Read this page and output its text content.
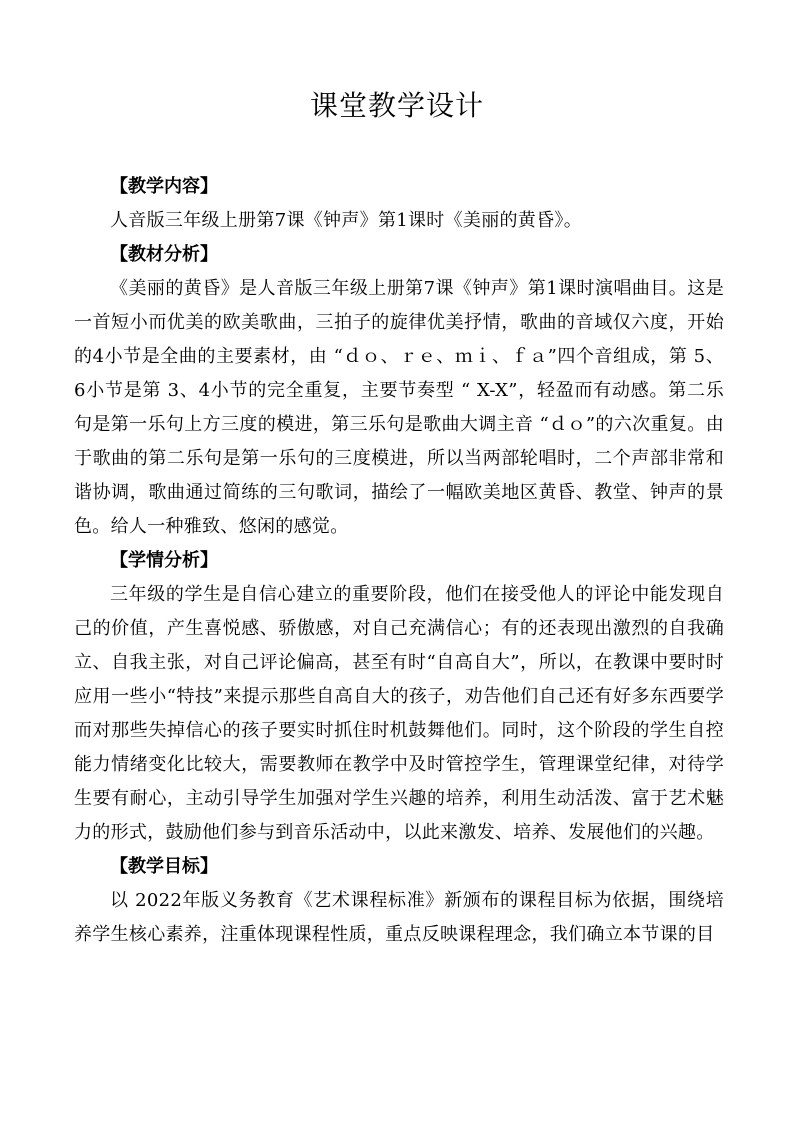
课堂教学设计

【教学内容】

人音版三年级上册第7课《钟声》第1课时《美丽的黄昏》。

【教材分析】

《美丽的黄昏》是人音版三年级上册第7课《钟声》第1课时演唱曲目。这是一首短小而优美的欧美歌曲，三拍子的旋律优美抒情，歌曲的音域仅六度，开始的4小节是全曲的主要素材，由 “ｄｏ、ｒｅ、ｍｉ、ｆａ”四个音组成，第 5、6小节是第 3、4小节的完全重复，主要节奏型 “ X-X”，轻盈而有动感。第二乐句是第一乐句上方三度的模进，第三乐句是歌曲大调主音 “ｄｏ”的六次重复。由于歌曲的第二乐句是第一乐句的三度模进，所以当两部轮唱时，二个声部非常和谐协调，歌曲通过简练的三句歌词，描绘了一幅欧美地区黄昏、教堂、钟声的景色。给人一种雅致、悠闲的感觉。

【学情分析】

三年级的学生是自信心建立的重要阶段，他们在接受他人的评论中能发现自己的价值，产生喜悦感、骄傲感，对自己充满信心；有的还表现出激烈的自我确立、自我主张，对自己评论偏高，甚至有时“自高自大”，所以，在教课中要时时应用一些小“特技”来提示那些自高自大的孩子，劝告他们自己还有好多东西要学而对那些失掉信心的孩子要实时抓住时机鼓舞他们。同时，这个阶段的学生自控能力情绪变化比较大，需要教师在教学中及时管控学生，管理课堂纪律，对待学生要有耐心，主动引导学生加强对学生兴趣的培养，利用生动活泼、富于艺术魅力的形式，鼓励他们参与到音乐活动中，以此来激发、培养、发展他们的兴趣。

【教学目标】

以 2022年版义务教育《艺术课程标准》新颁布的课程目标为依据，围绕培养学生核心素养，注重体现课程性质，重点反映课程理念，我们确立本节课的目
